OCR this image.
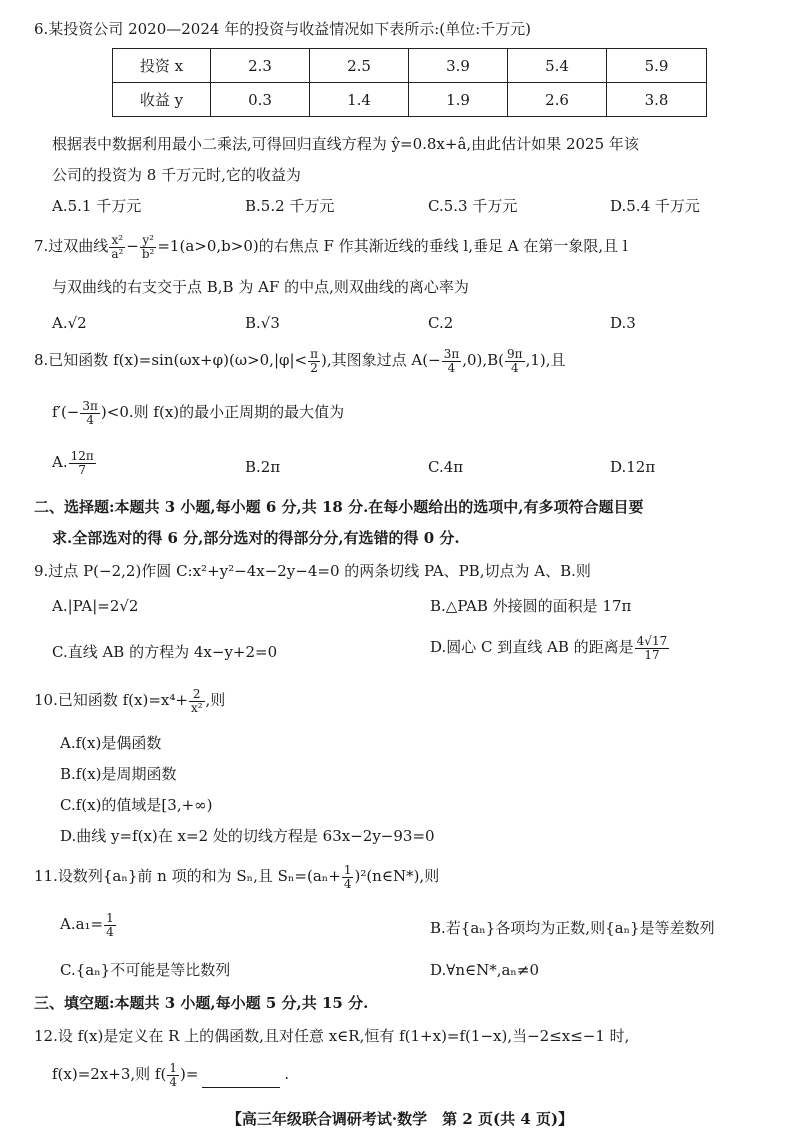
6.某投资公司 2020—2024 年的投资与收益情况如下表所示:(单位:千万元)
投资 x	2.3	2.5	3.9	5.4	5.9
收益 y	0.3	1.4	1.9	2.6	3.8
根据表中数据利用最小二乘法,可得回归直线方程为 ŷ=0.8x+â,由此估计如果 2025 年该
公司的投资为 8 千万元时,它的收益为
A.5.1 千万元	B.5.2 千万元	C.5.3 千万元	D.5.4 千万元
7.过双曲线 $\frac{\text{x²}}{\text{a²}} - \frac{\text{y²}}{\text{b²}} =1(a>0,b>0)$的右焦点 F 作其渐近线的垂线 l,垂足 A 在第一象限,且 l
与双曲线的右支交于点 B,B 为 AF 的中点,则双曲线的离心率为
A.√2	B.√3	C.2	D.3
8.已知函数 $f(x)=\sin(\omega x+\varphi)(\omega>0,|\varphi|< \frac{\pi}{2}$ ),其图象过点 $A(- \frac{3\pi}{4} ,0),B( \frac{9\pi}{4} ,1)$,且
$f'(- \frac{3\pi}{4} )<0$.则 f(x)的最小正周期的最大值为
A. $\frac{12\pi}{7}$	B.2π	C.4π	D.12π
二、选择题:本题共 3 小题,每小题 6 分,共 18 分.在每小题给出的选项中,有多项符合题目要
求.全部选对的得 6 分,部分选对的得部分分,有选错的得 0 分.
9.过点 P(−2,2)作圆 C:x²+y²−4x−2y−4=0 的两条切线 PA、PB,切点为 A、B.则
A.|PA|=2√2	B.△PAB 外接圆的面积是 17π
C.直线 AB 的方程为 4x−y+2=0	D.圆心 C 到直线 AB 的距离是 $\frac{4√17}{17}$
10.已知函数 $f(x)=x^4+ \frac{2}{\text{x²}}$ ,则
A.f(x)是偶函数
B.f(x)是周期函数
C.f(x)的值域是[3,+∞)
D.曲线 y=f(x)在 x=2 处的切线方程是 63x−2y−93=0
11.设数列{aₙ}前 n 项的和为 Sₙ,且 $S_n=(a_n+ \frac{1}{4}$ )²(n∈N*),则
$A.a_1= \frac{1}{4}$	B.若{aₙ}各项均为正数,则{aₙ}是等差数列
C.{aₙ}不可能是等比数列	D.∀n∈N*,aₙ≠0
三、填空题:本题共 3 小题,每小题 5 分,共 15 分.
12.设 f(x)是定义在 R 上的偶函数,且对任意 x∈R,恒有 f(1+x)=f(1−x),当−2≤x≤−1 时,
f(x)=2x+3,则 $f( \frac{1}{4}$ )=	.
【高三年级联合调研考试·数学　第 2 页(共 4 页)】
